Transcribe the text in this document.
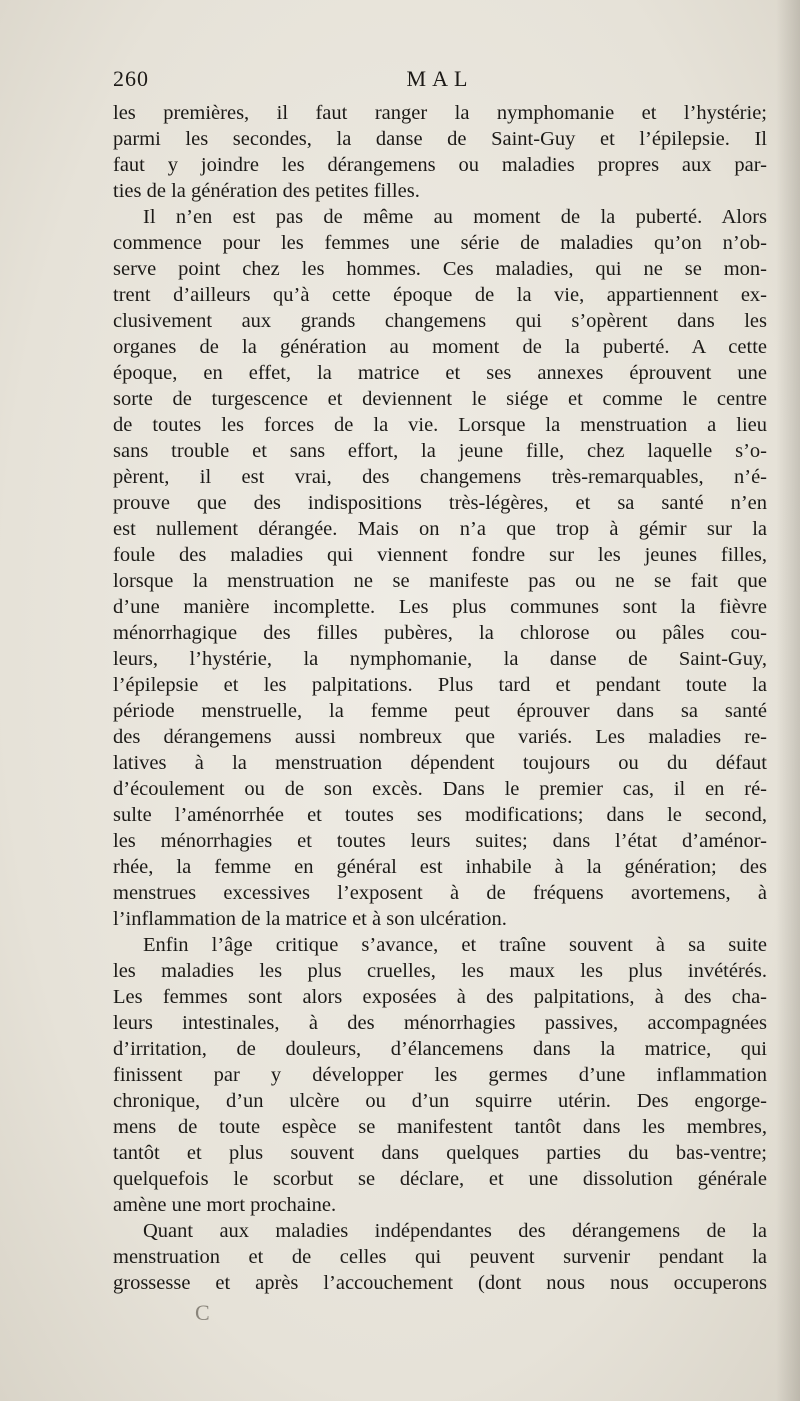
260	MAL
les premières, il faut ranger la nymphomanie et l’hystérie;
parmi les secondes, la danse de Saint-Guy et l’épilepsie. Il
faut y joindre les dérangemens ou maladies propres aux par-
ties de la génération des petites filles.
Il n’en est pas de même au moment de la puberté. Alors
commence pour les femmes une série de maladies qu’on n’ob-
serve point chez les hommes. Ces maladies, qui ne se mon-
trent d’ailleurs qu’à cette époque de la vie, appartiennent ex-
clusivement aux grands changemens qui s’opèrent dans les
organes de la génération au moment de la puberté. A cette
époque, en effet, la matrice et ses annexes éprouvent une
sorte de turgescence et deviennent le siége et comme le centre
de toutes les forces de la vie. Lorsque la menstruation a lieu
sans trouble et sans effort, la jeune fille, chez laquelle s’o-
pèrent, il est vrai, des changemens très-remarquables, n’é-
prouve que des indispositions très-légères, et sa santé n’en
est nullement dérangée. Mais on n’a que trop à gémir sur la
foule des maladies qui viennent fondre sur les jeunes filles,
lorsque la menstruation ne se manifeste pas ou ne se fait que
d’une manière incomplette. Les plus communes sont la fièvre
ménorrhagique des filles pubères, la chlorose ou pâles cou-
leurs, l’hystérie, la nymphomanie, la danse de Saint-Guy,
l’épilepsie et les palpitations. Plus tard et pendant toute la
période menstruelle, la femme peut éprouver dans sa santé
des dérangemens aussi nombreux que variés. Les maladies re-
latives à la menstruation dépendent toujours ou du défaut
d’écoulement ou de son excès. Dans le premier cas, il en ré-
sulte l’aménorrhée et toutes ses modifications; dans le second,
les ménorrhagies et toutes leurs suites; dans l’état d’aménor-
rhée, la femme en général est inhabile à la génération; des
menstrues excessives l’exposent à de fréquens avortemens, à
l’inflammation de la matrice et à son ulcération.
Enfin l’âge critique s’avance, et traîne souvent à sa suite
les maladies les plus cruelles, les maux les plus invétérés.
Les femmes sont alors exposées à des palpitations, à des cha-
leurs intestinales, à des ménorrhagies passives, accompagnées
d’irritation, de douleurs, d’élancemens dans la matrice, qui
finissent par y développer les germes d’une inflammation
chronique, d’un ulcère ou d’un squirre utérin. Des engorge-
mens de toute espèce se manifestent tantôt dans les membres,
tantôt et plus souvent dans quelques parties du bas-ventre;
quelquefois le scorbut se déclare, et une dissolution générale
amène une mort prochaine.
Quant aux maladies indépendantes des dérangemens de la
menstruation et de celles qui peuvent survenir pendant la
grossesse et après l’accouchement (dont nous nous occuperons
C
